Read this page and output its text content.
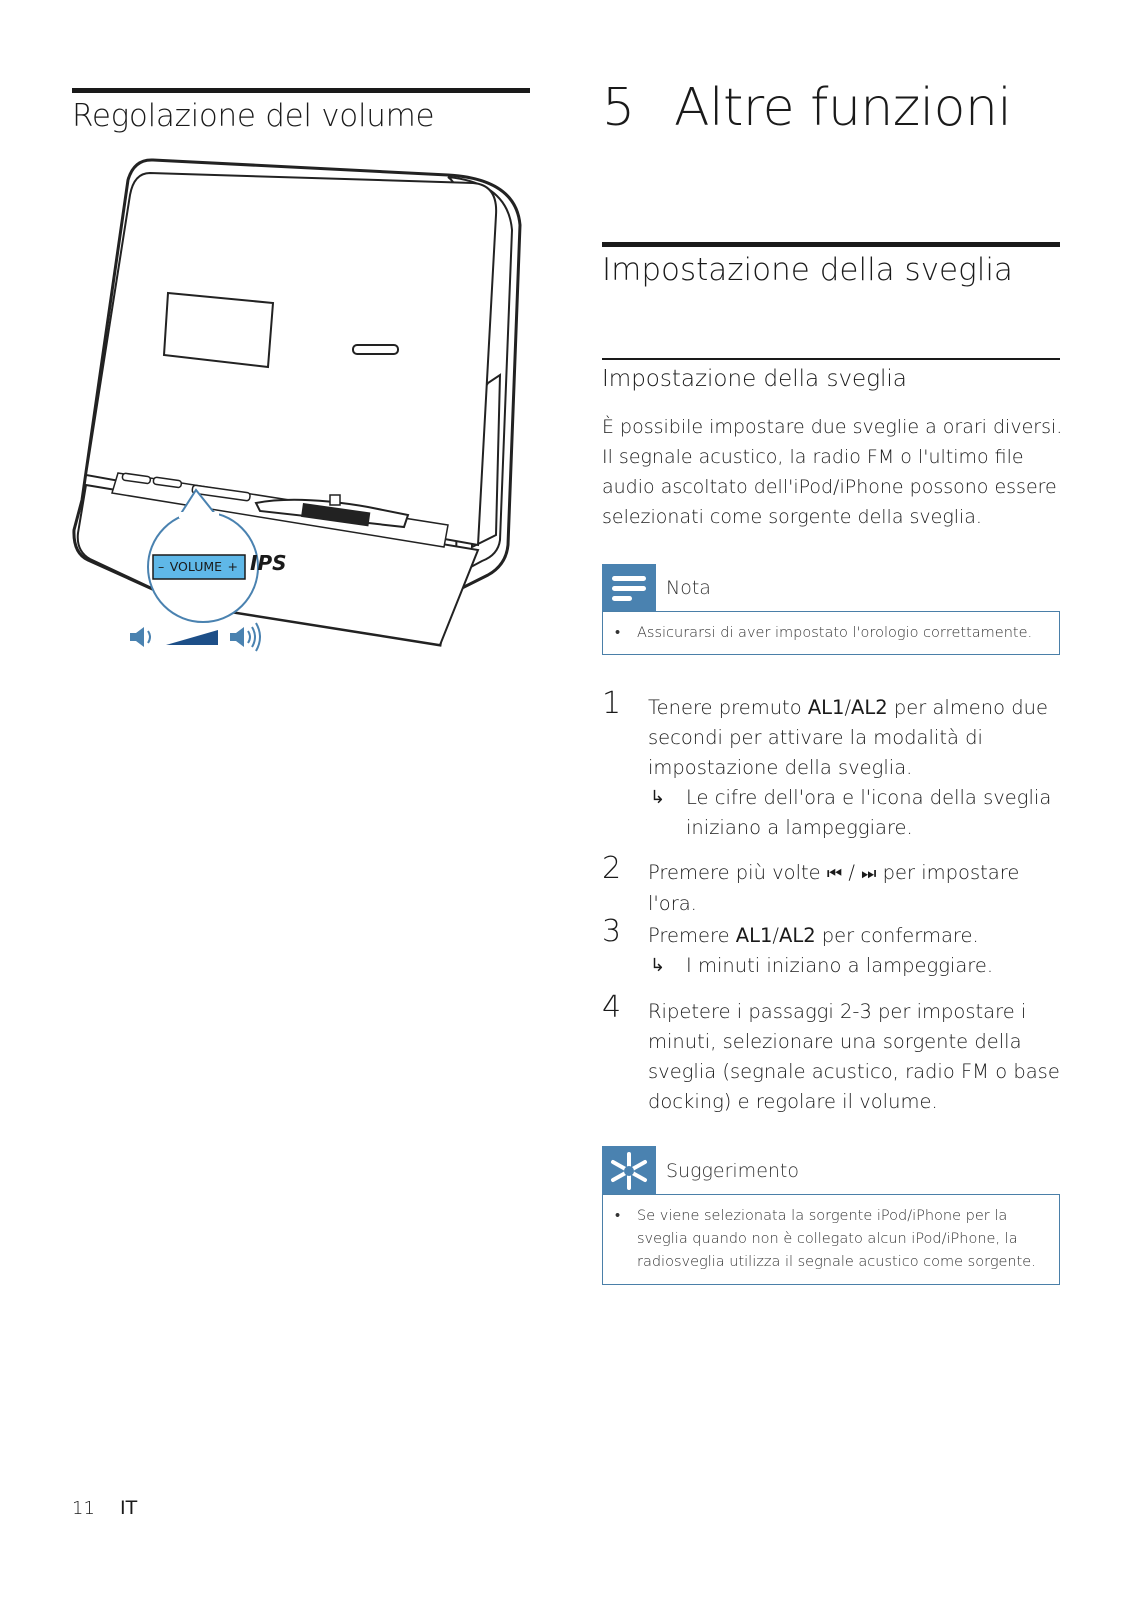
Regolazione del volume
– VOLUME + IPS
5 Altre funzioni
Impostazione della sveglia
Impostazione della sveglia
È possibile impostare due sveglie a orari diversi. Il segnale acustico, la radio FM o l'ultimo file audio ascoltato dell'iPod/iPhone possono essere selezionati come sorgente della sveglia.
Nota
• Assicurarsi di aver impostato l'orologio correttamente.
1 Tenere premuto AL1/AL2 per almeno due secondi per attivare la modalità di impostazione della sveglia.
↳ Le cifre dell'ora e l'icona della sveglia iniziano a lampeggiare.
2 Premere più volte ⏮ / ⏭ per impostare l'ora.
3 Premere AL1/AL2 per confermare.
↳ I minuti iniziano a lampeggiare.
4 Ripetere i passaggi 2-3 per impostare i minuti, selezionare una sorgente della sveglia (segnale acustico, radio FM o base docking) e regolare il volume.
Suggerimento
• Se viene selezionata la sorgente iPod/iPhone per la sveglia quando non è collegato alcun iPod/iPhone, la radiosveglia utilizza il segnale acustico come sorgente.
11 IT
